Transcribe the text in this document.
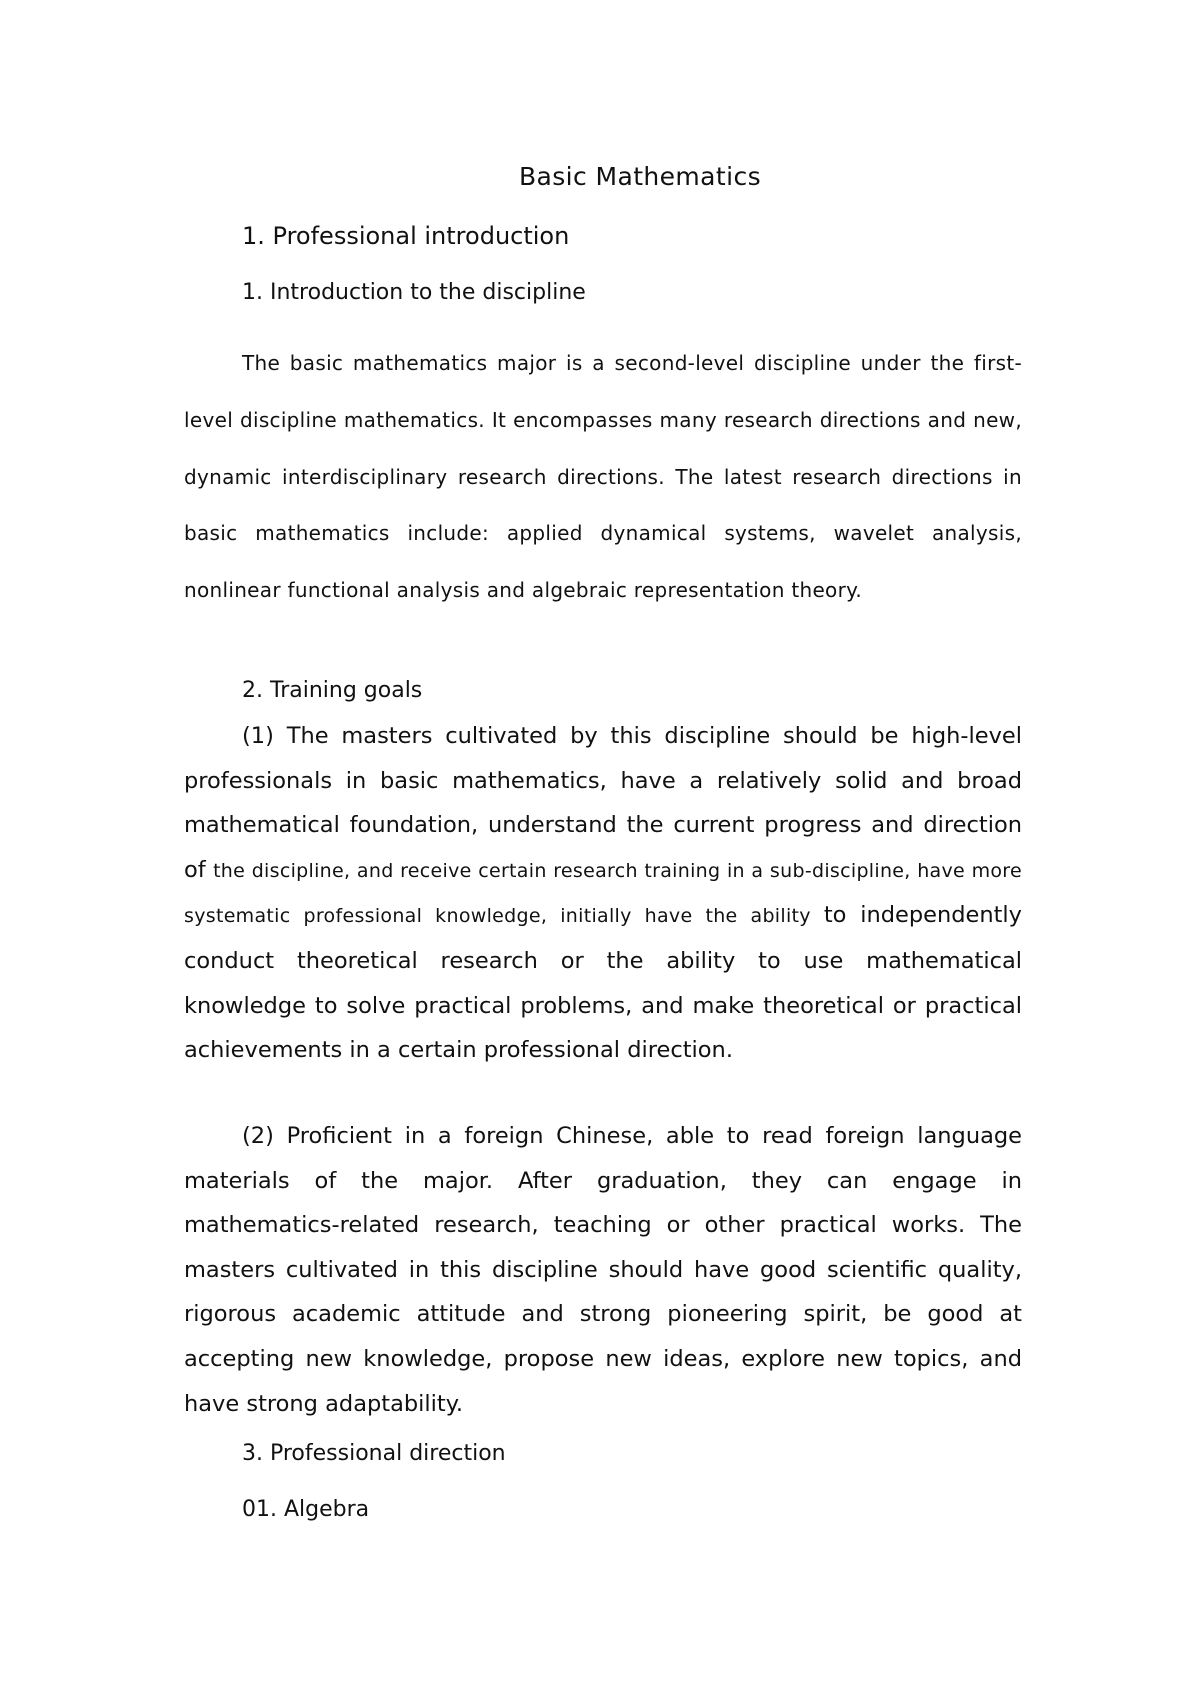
Basic Mathematics
1. Professional introduction
1. Introduction to the discipline

The basic mathematics major is a second-level discipline under the first-level discipline mathematics. It encompasses many research directions and new, dynamic interdisciplinary research directions. The latest research directions in basic mathematics include: applied dynamical systems, wavelet analysis, nonlinear functional analysis and algebraic representation theory.

2. Training goals

(1) The masters cultivated by this discipline should be high-level professionals in basic mathematics, have a relatively solid and broad mathematical foundation, understand the current progress and direction of the discipline, and receive certain research training in a sub-discipline, have more systematic professional knowledge, initially have the ability to independently conduct theoretical research or the ability to use mathematical knowledge to solve practical problems, and make theoretical or practical achievements in a certain professional direction.

(2) Proficient in a foreign Chinese, able to read foreign language materials of the major. After graduation, they can engage in mathematics-related research, teaching or other practical works. The masters cultivated in this discipline should have good scientific quality, rigorous academic attitude and strong pioneering spirit, be good at accepting new knowledge, propose new ideas, explore new topics, and have strong adaptability.

3. Professional direction
01. Algebra
